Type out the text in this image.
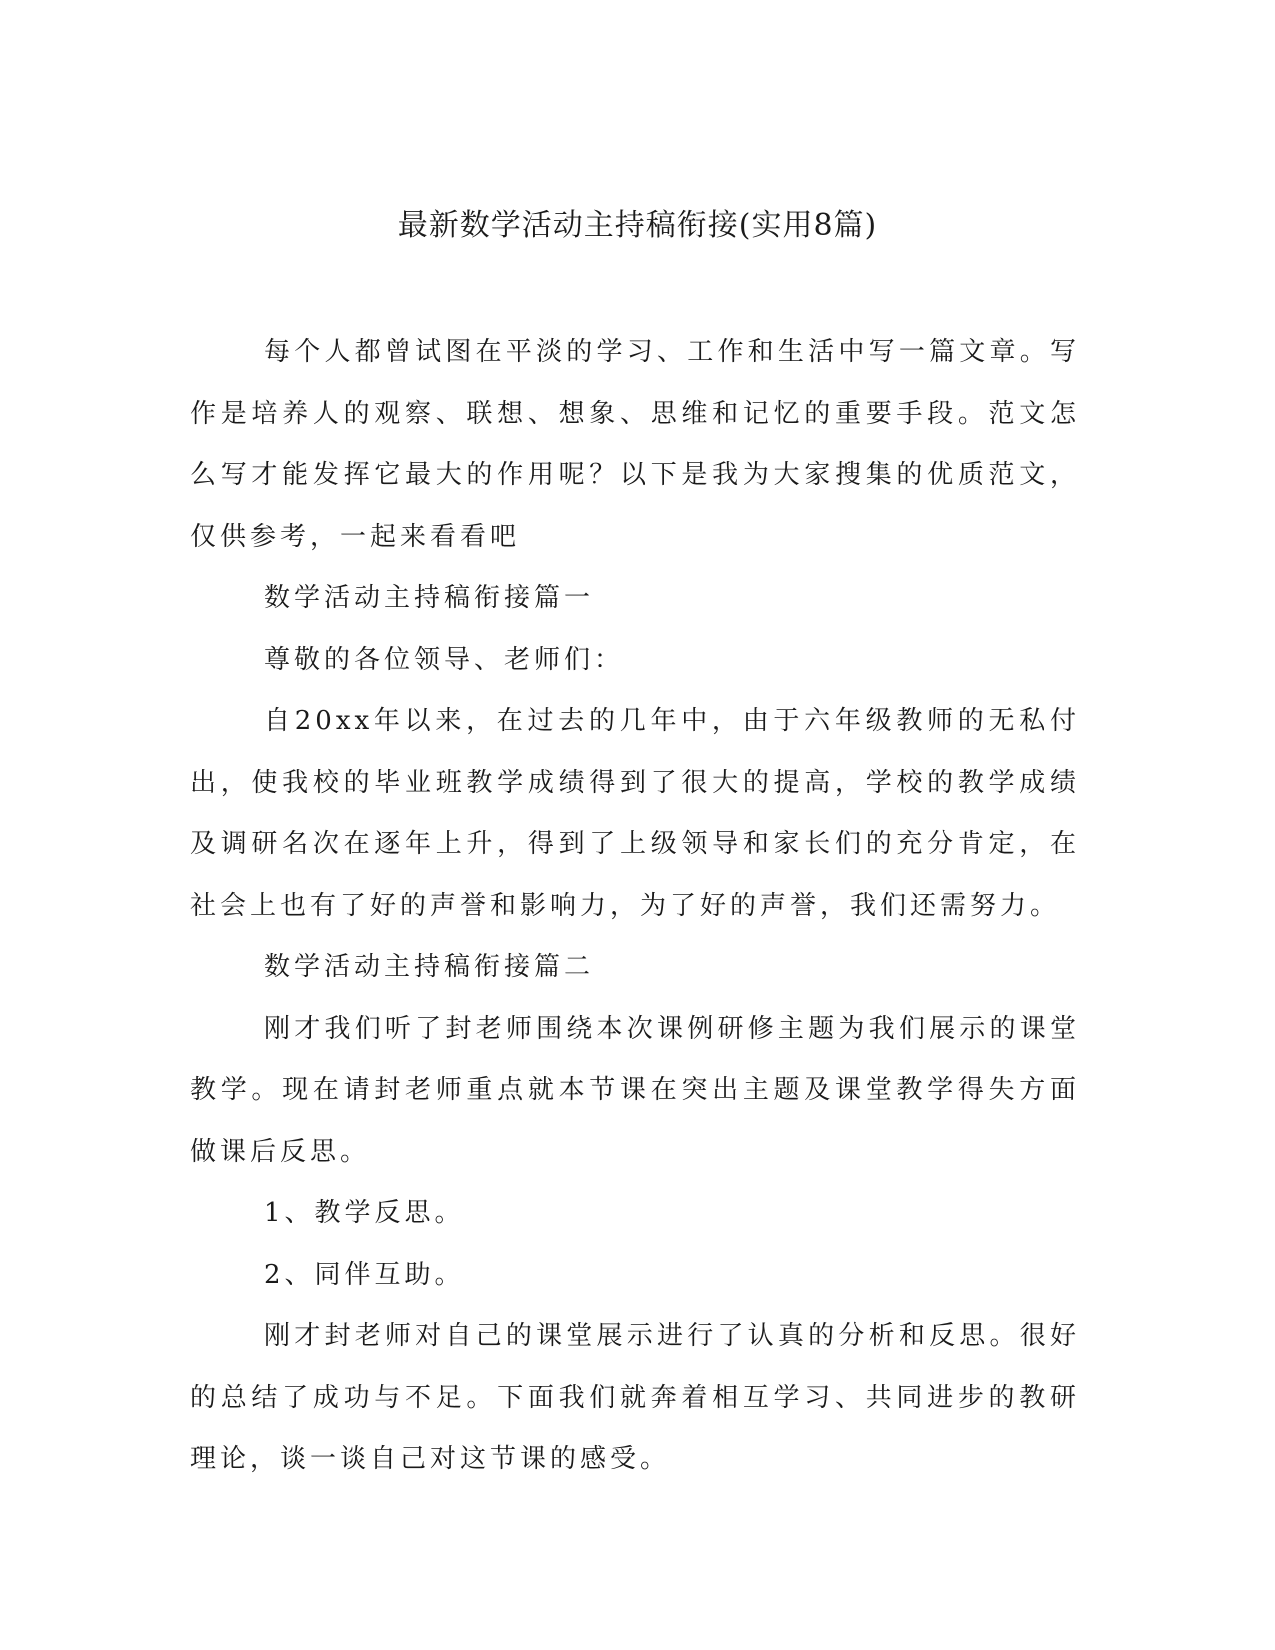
最新数学活动主持稿衔接(实用8篇)

每个人都曾试图在平淡的学习、工作和生活中写一篇文章。写作是培养人的观察、联想、想象、思维和记忆的重要手段。范文怎么写才能发挥它最大的作用呢？以下是我为大家搜集的优质范文，仅供参考，一起来看看吧

数学活动主持稿衔接篇一

尊敬的各位领导、老师们：

自20xx年以来，在过去的几年中，由于六年级教师的无私付出，使我校的毕业班教学成绩得到了很大的提高，学校的教学成绩及调研名次在逐年上升，得到了上级领导和家长们的充分肯定，在社会上也有了好的声誉和影响力，为了好的声誉，我们还需努力。

数学活动主持稿衔接篇二

刚才我们听了封老师围绕本次课例研修主题为我们展示的课堂教学。现在请封老师重点就本节课在突出主题及课堂教学得失方面做课后反思。

1、教学反思。

2、同伴互助。

刚才封老师对自己的课堂展示进行了认真的分析和反思。很好的总结了成功与不足。下面我们就奔着相互学习、共同进步的教研理论，谈一谈自己对这节课的感受。
